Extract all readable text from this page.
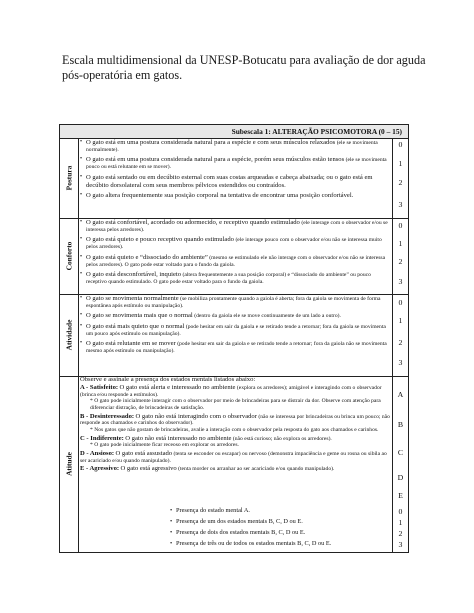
Escala multidimensional da UNESP-Botucatu para avaliação de dor aguda pós-operatória em gatos.
Subescala 1: ALTERAÇÃO PSICOMOTORA (0 – 15)
Postura
• O gato está em uma postura considerada natural para a espécie e com seus músculos relaxados (ele se movimenta normalmente).
• O gato está em uma postura considerada natural para a espécie, porém seus músculos estão tensos (ele se movimenta pouco ou está relutante em se mover).
• O gato está sentado ou em decúbito esternal com suas costas arqueadas e cabeça abaixada; ou o gato está em decúbito dorsolateral com seus membros pélvicos estendidos ou contraídos.
• O gato altera frequentemente sua posição corporal na tentativa de encontrar uma posição confortável.
0
1
2
3
Conforto
• O gato está confortável, acordado ou adormecido, e receptivo quando estimulado (ele interage com o observador e/ou se interessa pelos arredores).
• O gato está quieto e pouco receptivo quando estimulado (ele interage pouco com o observador e/ou não se interessa muito pelos arredores).
• O gato está quieto e “dissociado do ambiente” (mesmo se estimulado ele não interage com o observador e/ou não se interessa pelos arredores). O gato pode estar voltado para o fundo da gaiola.
• O gato está desconfortável, inquieto (altera frequentemente a sua posição corporal) e “dissociado do ambiente” ou pouco receptivo quando estimulado. O gato pode estar voltado para o fundo da gaiola.
0
1
2
3
Atividade
• O gato se movimenta normalmente (se mobiliza prontamente quando a gaiola é aberta; fora da gaiola se movimenta de forma espontânea após estímulo ou manipulação).
• O gato se movimenta mais que o normal (dentro da gaiola ele se move continuamente de um lado a outro).
• O gato está mais quieto que o normal (pode hesitar em sair da gaiola e se retirado tende a retornar; fora da gaiola se movimenta um pouco após estímulo ou manipulação).
• O gato está relutante em se mover (pode hesitar em sair da gaiola e se retirado tende a retornar; fora da gaiola não se movimenta mesmo após estímulo ou manipulação).
0
1
2
3
Atitude

Observe e assinale a presença dos estados mentais listados abaixo:

A - Satisfeito: O gato está alerta e interessado no ambiente (explora os arredores); amigável e interagindo com o observador (brinca e/ou responde a estímulos).
* O gato pode inicialmente interagir com o observador por meio de brincadeiras para se distrair da dor. Observe com atenção para diferenciar distração, de brincadeiras de satisfação.
B - Desinteressado: O gato não está interagindo com o observador (não se interessa por brincadeiras ou brinca um pouco; não responde aos chamados e carinhos do observador).
* Nos gatos que não gostam de brincadeiras, avalie a interação com o observador pela resposta do gato aos chamados e carinhos.
C - Indiferente: O gato não está interessado no ambiente (não está curioso; não explora os arredores).
* O gato pode inicialmente ficar receoso em explorar os arredores.
D - Ansioso: O gato está assustado (tenta se esconder ou escapar) ou nervoso (demonstra impaciência e geme ou rosna ou sibila ao ser acariciado e/ou quando manipulado).
E - Agressivo: O gato está agressivo (tenta morder ou arranhar ao ser acariciado e/ou quando manipulado).
A
B
C
D
E
0
1
2
3
• Presença do estado mental A.
• Presença de um dos estados mentais B, C, D ou E.
• Presença de dois dos estados mentais B, C, D ou E.
• Presença de três ou de todos os estados mentais B, C, D ou E.
